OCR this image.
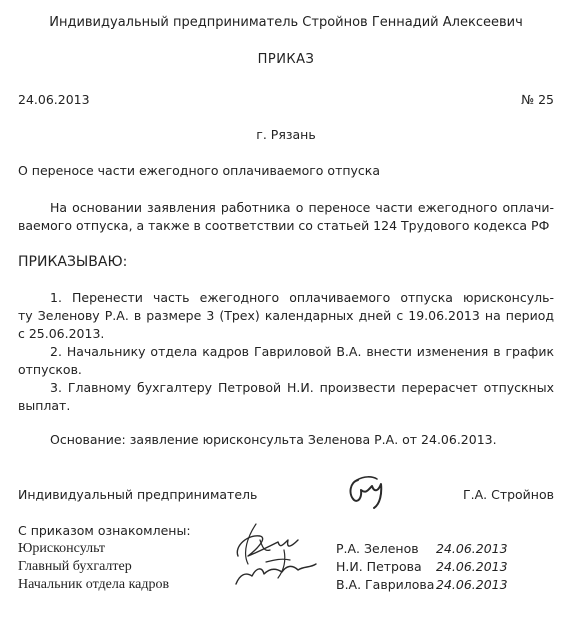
Индивидуальный предприниматель Стройнов Геннадий Алексеевич
ПРИКАЗ
24.06.2013	№ 25
г. Рязань
О переносе части ежегодного оплачиваемого отпуска
На основании заявления работника о переносе части ежегодного оплачи-
ваемого отпуска, а также в соответствии со статьей 124 Трудового кодекса РФ
ПРИКАЗЫВАЮ:
1. Перенести часть ежегодного оплачиваемого отпуска юрисконсуль-
ту Зеленову Р.А. в размере 3 (Трех) календарных дней с 19.06.2013 на период
с 25.06.2013.
2. Начальнику отдела кадров Гавриловой В.А. внести изменения в график
отпусков.
3. Главному бухгалтеру Петровой Н.И. произвести перерасчет отпускных
выплат.
Основание: заявление юрисконсульта Зеленова Р.А. от 24.06.2013.
Индивидуальный предприниматель	Г.А. Стройнов
С приказом ознакомлены:
Юрисконсульт
Главный бухгалтер
Начальник отдела кадров
Р.А. Зеленов 24.06.2013
Н.И. Петрова 24.06.2013
В.А. Гаврилова 24.06.2013
